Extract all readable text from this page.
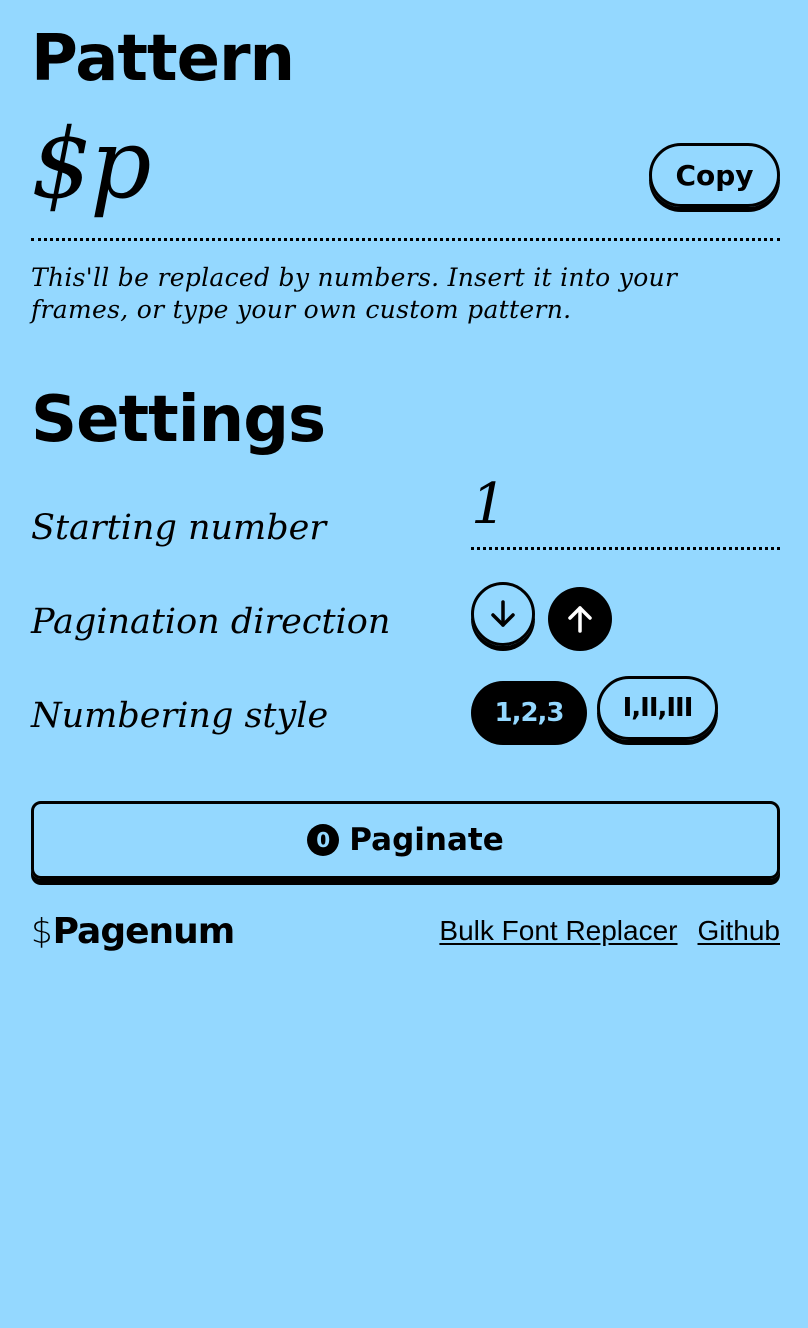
Pattern
$p	Copy
This'll be replaced by numbers. Insert it into your frames, or type your own custom pattern.
Settings
Starting number	1
Pagination direction
Numbering style	1,2,3	I,II,III
0 Paginate
$Pagenum	Bulk Font Replacer Github
